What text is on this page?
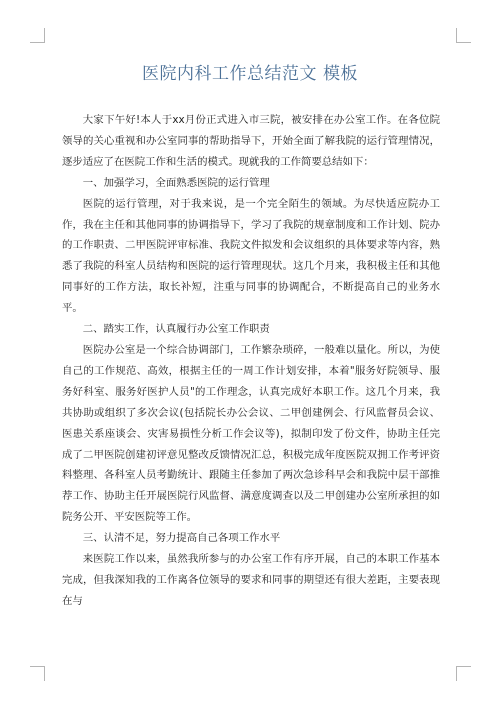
医院内科工作总结范文 模板

大家下午好!本人于xx月份正式进入市三院，被安排在办公室工作。在各位院领导的关心重视和办公室同事的帮助指导下，开始全面了解我院的运行管理情况，逐步适应了在医院工作和生活的模式。现就我的工作简要总结如下：

一、加强学习，全面熟悉医院的运行管理

医院的运行管理，对于我来说，是一个完全陌生的领域。为尽快适应院办工作，我在主任和其他同事的协调指导下，学习了我院的规章制度和工作计划、院办的工作职责、二甲医院评审标准、我院文件拟发和会议组织的具体要求等内容，熟悉了我院的科室人员结构和医院的运行管理现状。这几个月来，我积极主任和其他同事好的工作方法，取长补短，注重与同事的协调配合，不断提高自己的业务水平。

二、踏实工作，认真履行办公室工作职责

医院办公室是一个综合协调部门，工作繁杂琐碎，一般难以量化。所以，为使自己的工作规范、高效，根据主任的一周工作计划安排，本着"服务好院领导、服务好科室、服务好医护人员"的工作理念，认真完成好本职工作。这几个月来，我共协助或组织了多次会议(包括院长办公会议、二甲创建例会、行风监督员会议、医患关系座谈会、灾害易损性分析工作会议等)，拟制印发了份文件，协助主任完成了二甲医院创建初评意见整改反馈情况汇总，积极完成年度医院双拥工作考评资料整理、各科室人员考勤统计、跟随主任参加了两次急诊科早会和我院中层干部推荐工作、协助主任开展医院行风监督、满意度调查以及二甲创建办公室所承担的如院务公开、平安医院等工作。

三、认清不足，努力提高自己各项工作水平

来医院工作以来，虽然我所参与的办公室工作有序开展，自己的本职工作基本完成，但我深知我的工作离各位领导的要求和同事的期望还有很大差距，主要表现在与
